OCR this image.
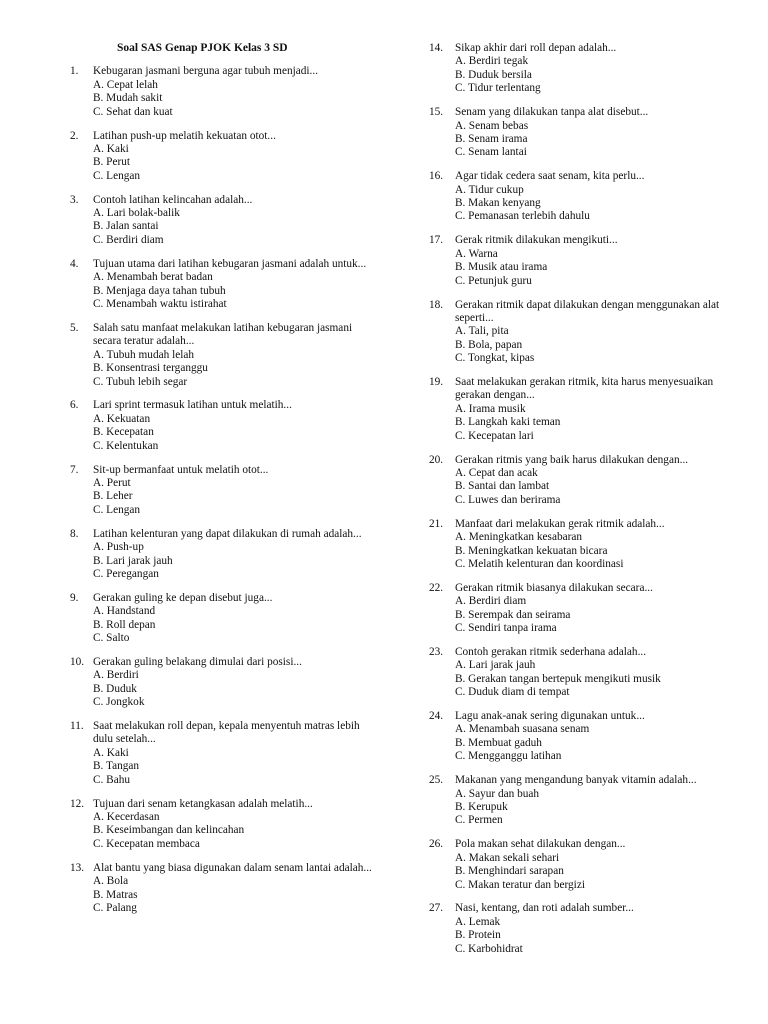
Soal SAS Genap PJOK Kelas 3 SD
1. Kebugaran jasmani berguna agar tubuh menjadi...
A. Cepat lelah
B. Mudah sakit
C. Sehat dan kuat
2. Latihan push-up melatih kekuatan otot...
A. Kaki
B. Perut
C. Lengan
3. Contoh latihan kelincahan adalah...
A. Lari bolak-balik
B. Jalan santai
C. Berdiri diam
4. Tujuan utama dari latihan kebugaran jasmani adalah untuk...
A. Menambah berat badan
B. Menjaga daya tahan tubuh
C. Menambah waktu istirahat
5. Salah satu manfaat melakukan latihan kebugaran jasmani secara teratur adalah...
A. Tubuh mudah lelah
B. Konsentrasi terganggu
C. Tubuh lebih segar
6. Lari sprint termasuk latihan untuk melatih...
A. Kekuatan
B. Kecepatan
C. Kelentukan
7. Sit-up bermanfaat untuk melatih otot...
A. Perut
B. Leher
C. Lengan
8. Latihan kelenturan yang dapat dilakukan di rumah adalah...
A. Push-up
B. Lari jarak jauh
C. Peregangan
9. Gerakan guling ke depan disebut juga...
A. Handstand
B. Roll depan
C. Salto
10. Gerakan guling belakang dimulai dari posisi...
A. Berdiri
B. Duduk
C. Jongkok
11. Saat melakukan roll depan, kepala menyentuh matras lebih dulu setelah...
A. Kaki
B. Tangan
C. Bahu
12. Tujuan dari senam ketangkasan adalah melatih...
A. Kecerdasan
B. Keseimbangan dan kelincahan
C. Kecepatan membaca
13. Alat bantu yang biasa digunakan dalam senam lantai adalah...
A. Bola
B. Matras
C. Palang
14. Sikap akhir dari roll depan adalah...
A. Berdiri tegak
B. Duduk bersila
C. Tidur terlentang
15. Senam yang dilakukan tanpa alat disebut...
A. Senam bebas
B. Senam irama
C. Senam lantai
16. Agar tidak cedera saat senam, kita perlu...
A. Tidur cukup
B. Makan kenyang
C. Pemanasan terlebih dahulu
17. Gerak ritmik dilakukan mengikuti...
A. Warna
B. Musik atau irama
C. Petunjuk guru
18. Gerakan ritmik dapat dilakukan dengan menggunakan alat seperti...
A. Tali, pita
B. Bola, papan
C. Tongkat, kipas
19. Saat melakukan gerakan ritmik, kita harus menyesuaikan gerakan dengan...
A. Irama musik
B. Langkah kaki teman
C. Kecepatan lari
20. Gerakan ritmis yang baik harus dilakukan dengan...
A. Cepat dan acak
B. Santai dan lambat
C. Luwes dan berirama
21. Manfaat dari melakukan gerak ritmik adalah...
A. Meningkatkan kesabaran
B. Meningkatkan kekuatan bicara
C. Melatih kelenturan dan koordinasi
22. Gerakan ritmik biasanya dilakukan secara...
A. Berdiri diam
B. Serempak dan seirama
C. Sendiri tanpa irama
23. Contoh gerakan ritmik sederhana adalah...
A. Lari jarak jauh
B. Gerakan tangan bertepuk mengikuti musik
C. Duduk diam di tempat
24. Lagu anak-anak sering digunakan untuk...
A. Menambah suasana senam
B. Membuat gaduh
C. Mengganggu latihan
25. Makanan yang mengandung banyak vitamin adalah...
A. Sayur dan buah
B. Kerupuk
C. Permen
26. Pola makan sehat dilakukan dengan...
A. Makan sekali sehari
B. Menghindari sarapan
C. Makan teratur dan bergizi
27. Nasi, kentang, dan roti adalah sumber...
A. Lemak
B. Protein
C. Karbohidrat
